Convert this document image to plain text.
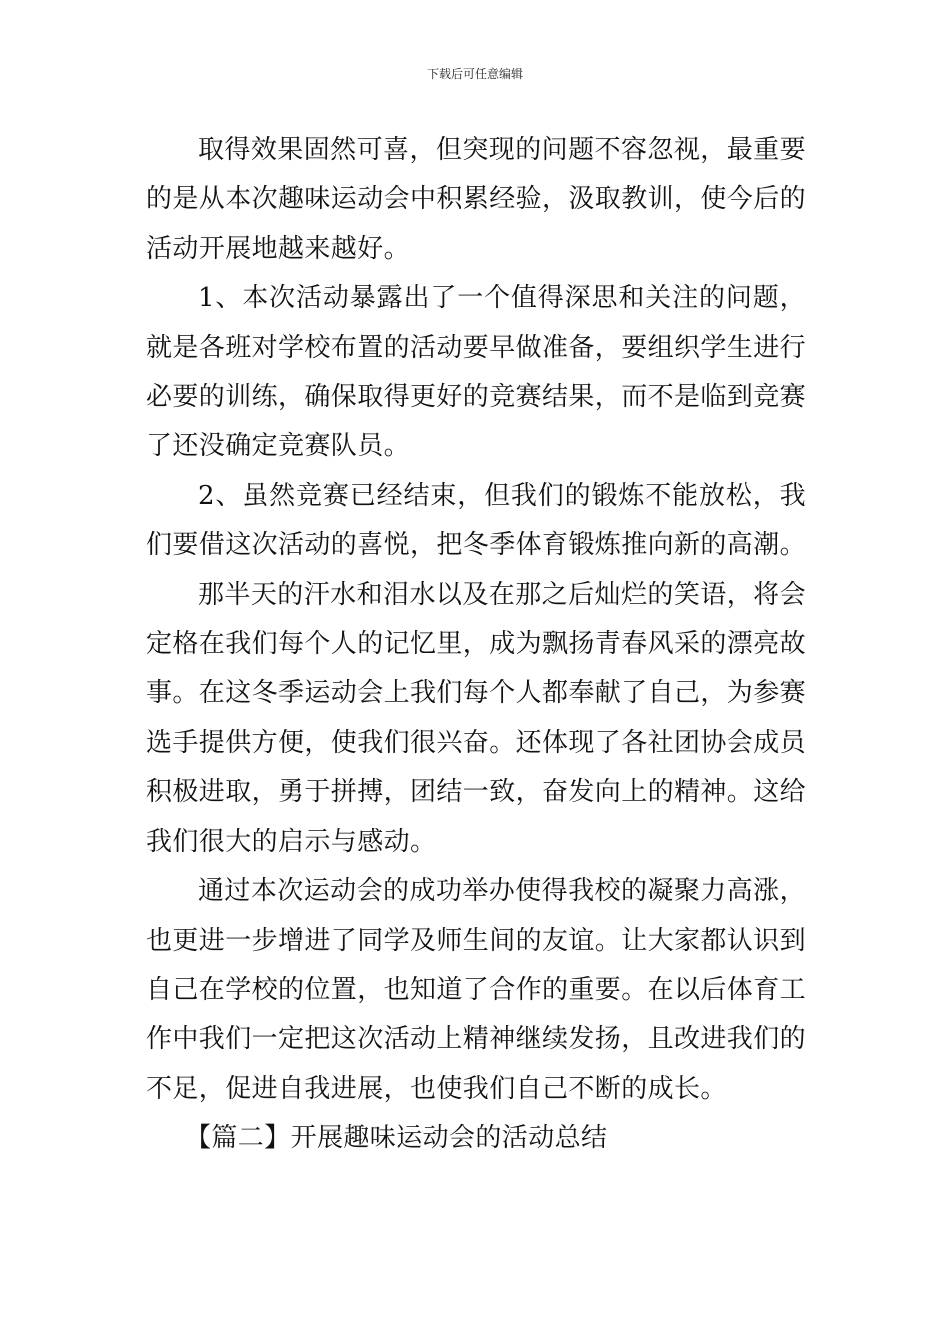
下载后可任意编辑

取得效果固然可喜，但突现的问题不容忽视，最重要的是从本次趣味运动会中积累经验，汲取教训，使今后的活动开展地越来越好。

1、本次活动暴露出了一个值得深思和关注的问题，就是各班对学校布置的活动要早做准备，要组织学生进行必要的训练，确保取得更好的竞赛结果，而不是临到竞赛了还没确定竞赛队员。

2、虽然竞赛已经结束，但我们的锻炼不能放松，我们要借这次活动的喜悦，把冬季体育锻炼推向新的高潮。

那半天的汗水和泪水以及在那之后灿烂的笑语，将会定格在我们每个人的记忆里，成为飘扬青春风采的漂亮故事。在这冬季运动会上我们每个人都奉献了自己，为参赛选手提供方便，使我们很兴奋。还体现了各社团协会成员积极进取，勇于拼搏，团结一致，奋发向上的精神。这给我们很大的启示与感动。

通过本次运动会的成功举办使得我校的凝聚力高涨，也更进一步增进了同学及师生间的友谊。让大家都认识到自己在学校的位置，也知道了合作的重要。在以后体育工作中我们一定把这次活动上精神继续发扬，且改进我们的不足，促进自我进展，也使我们自己不断的成长。

【篇二】开展趣味运动会的活动总结
